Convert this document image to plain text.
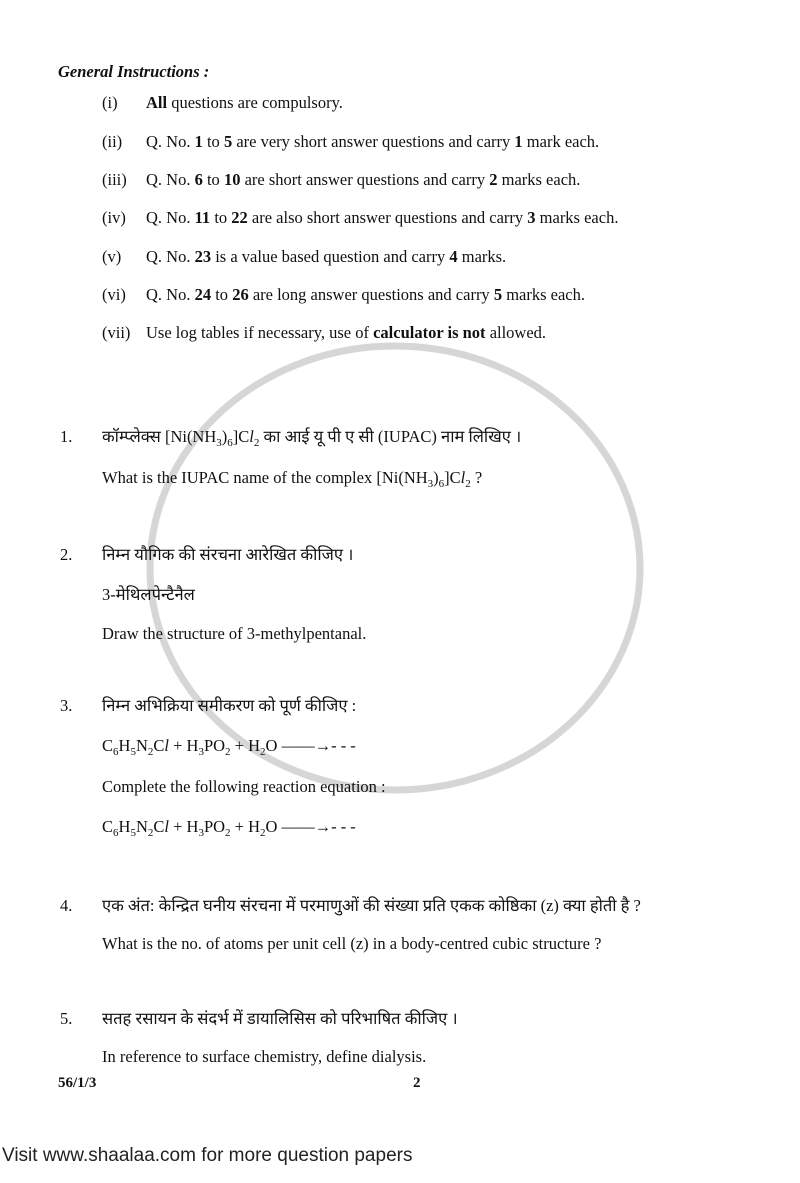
General Instructions :
(i) All questions are compulsory.
(ii) Q. No. 1 to 5 are very short answer questions and carry 1 mark each.
(iii) Q. No. 6 to 10 are short answer questions and carry 2 marks each.
(iv) Q. No. 11 to 22 are also short answer questions and carry 3 marks each.
(v) Q. No. 23 is a value based question and carry 4 marks.
(vi) Q. No. 24 to 26 are long answer questions and carry 5 marks each.
(vii) Use log tables if necessary, use of calculator is not allowed.
1. कॉम्प्लेक्स $[Ni(NH_3)_6]Cl_2$ का आई यू पी ए सी (IUPAC) नाम लिखिए ।
What is the IUPAC name of the complex $[Ni(NH_3)_6]Cl_2$ ?
2. निम्न यौगिक की संरचना आरेखित कीजिए ।
3-मेथिलपेन्टैनैल
Draw the structure of 3-methylpentanal.
3. निम्न अभिक्रिया समीकरण को पूर्ण कीजिए :
$C_6H_5N_2Cl + H_3PO_2 + H_2O$ ——→- - -
Complete the following reaction equation :
$C_6H_5N_2Cl + H_3PO_2 + H_2O$ ——→- - -
4. एक अंत: केन्द्रित घनीय संरचना में परमाणुओं की संख्या प्रति एकक कोष्ठिका (z) क्या होती है ?
What is the no. of atoms per unit cell (z) in a body-centred cubic structure ?
5. सतह रसायन के संदर्भ में डायालिसिस को परिभाषित कीजिए ।
In reference to surface chemistry, define dialysis.
56/1/3	2
Visit www.shaalaa.com for more question papers
